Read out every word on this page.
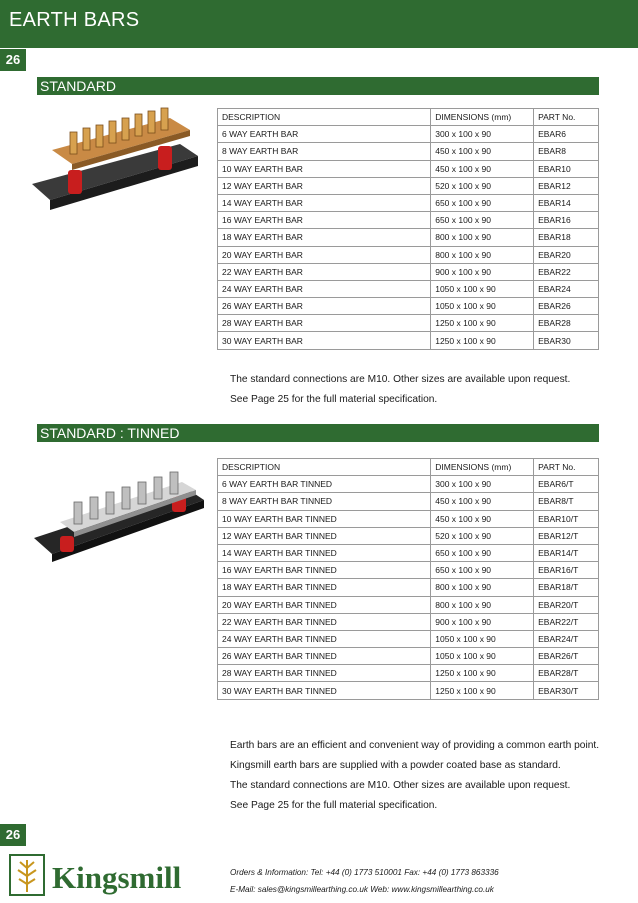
EARTH BARS
26
STANDARD
DESCRIPTION	DIMENSIONS (mm)	PART No.
6 WAY EARTH BAR	300 x 100 x 90	EBAR6
8 WAY EARTH BAR	450 x 100 x 90	EBAR8
10 WAY EARTH BAR	450 x 100 x 90	EBAR10
12 WAY EARTH BAR	520 x 100 x 90	EBAR12
14 WAY EARTH BAR	650 x 100 x 90	EBAR14
16 WAY EARTH BAR	650 x 100 x 90	EBAR16
18 WAY EARTH BAR	800 x 100 x 90	EBAR18
20 WAY EARTH BAR	800 x 100 x 90	EBAR20
22 WAY EARTH BAR	900 x 100 x 90	EBAR22
24 WAY EARTH BAR	1050 x 100 x 90	EBAR24
26 WAY EARTH BAR	1050 x 100 x 90	EBAR26
28 WAY EARTH BAR	1250 x 100 x 90	EBAR28
30 WAY EARTH BAR	1250 x 100 x 90	EBAR30

The standard connections are M10. Other sizes are available upon request.

See Page 25 for the full material specification.

STANDARD : TINNED
DESCRIPTION	DIMENSIONS (mm)	PART No.
6 WAY EARTH BAR TINNED	300 x 100 x 90	EBAR6/T
8 WAY EARTH BAR TINNED	450 x 100 x 90	EBAR8/T
10 WAY EARTH BAR TINNED	450 x 100 x 90	EBAR10/T
12 WAY EARTH BAR TINNED	520 x 100 x 90	EBAR12/T
14 WAY EARTH BAR TINNED	650 x 100 x 90	EBAR14/T
16 WAY EARTH BAR TINNED	650 x 100 x 90	EBAR16/T
18 WAY EARTH BAR TINNED	800 x 100 x 90	EBAR18/T
20 WAY EARTH BAR TINNED	800 x 100 x 90	EBAR20/T
22 WAY EARTH BAR TINNED	900 x 100 x 90	EBAR22/T
24 WAY EARTH BAR TINNED	1050 x 100 x 90	EBAR24/T
26 WAY EARTH BAR TINNED	1050 x 100 x 90	EBAR26/T
28 WAY EARTH BAR TINNED	1250 x 100 x 90	EBAR28/T
30 WAY EARTH BAR TINNED	1250 x 100 x 90	EBAR30/T

Earth bars are an efficient and convenient way of providing a common earth point.

Kingsmill earth bars are supplied with a powder coated base as standard.

The standard connections are M10. Other sizes are available upon request.

See Page 25 for the full material specification.

26
Kingsmill	Orders & Information: Tel: +44 (0) 1773 510001 Fax: +44 (0) 1773 863336
E-Mail: sales@kingsmillearthing.co.uk Web: www.kingsmillearthing.co.uk
